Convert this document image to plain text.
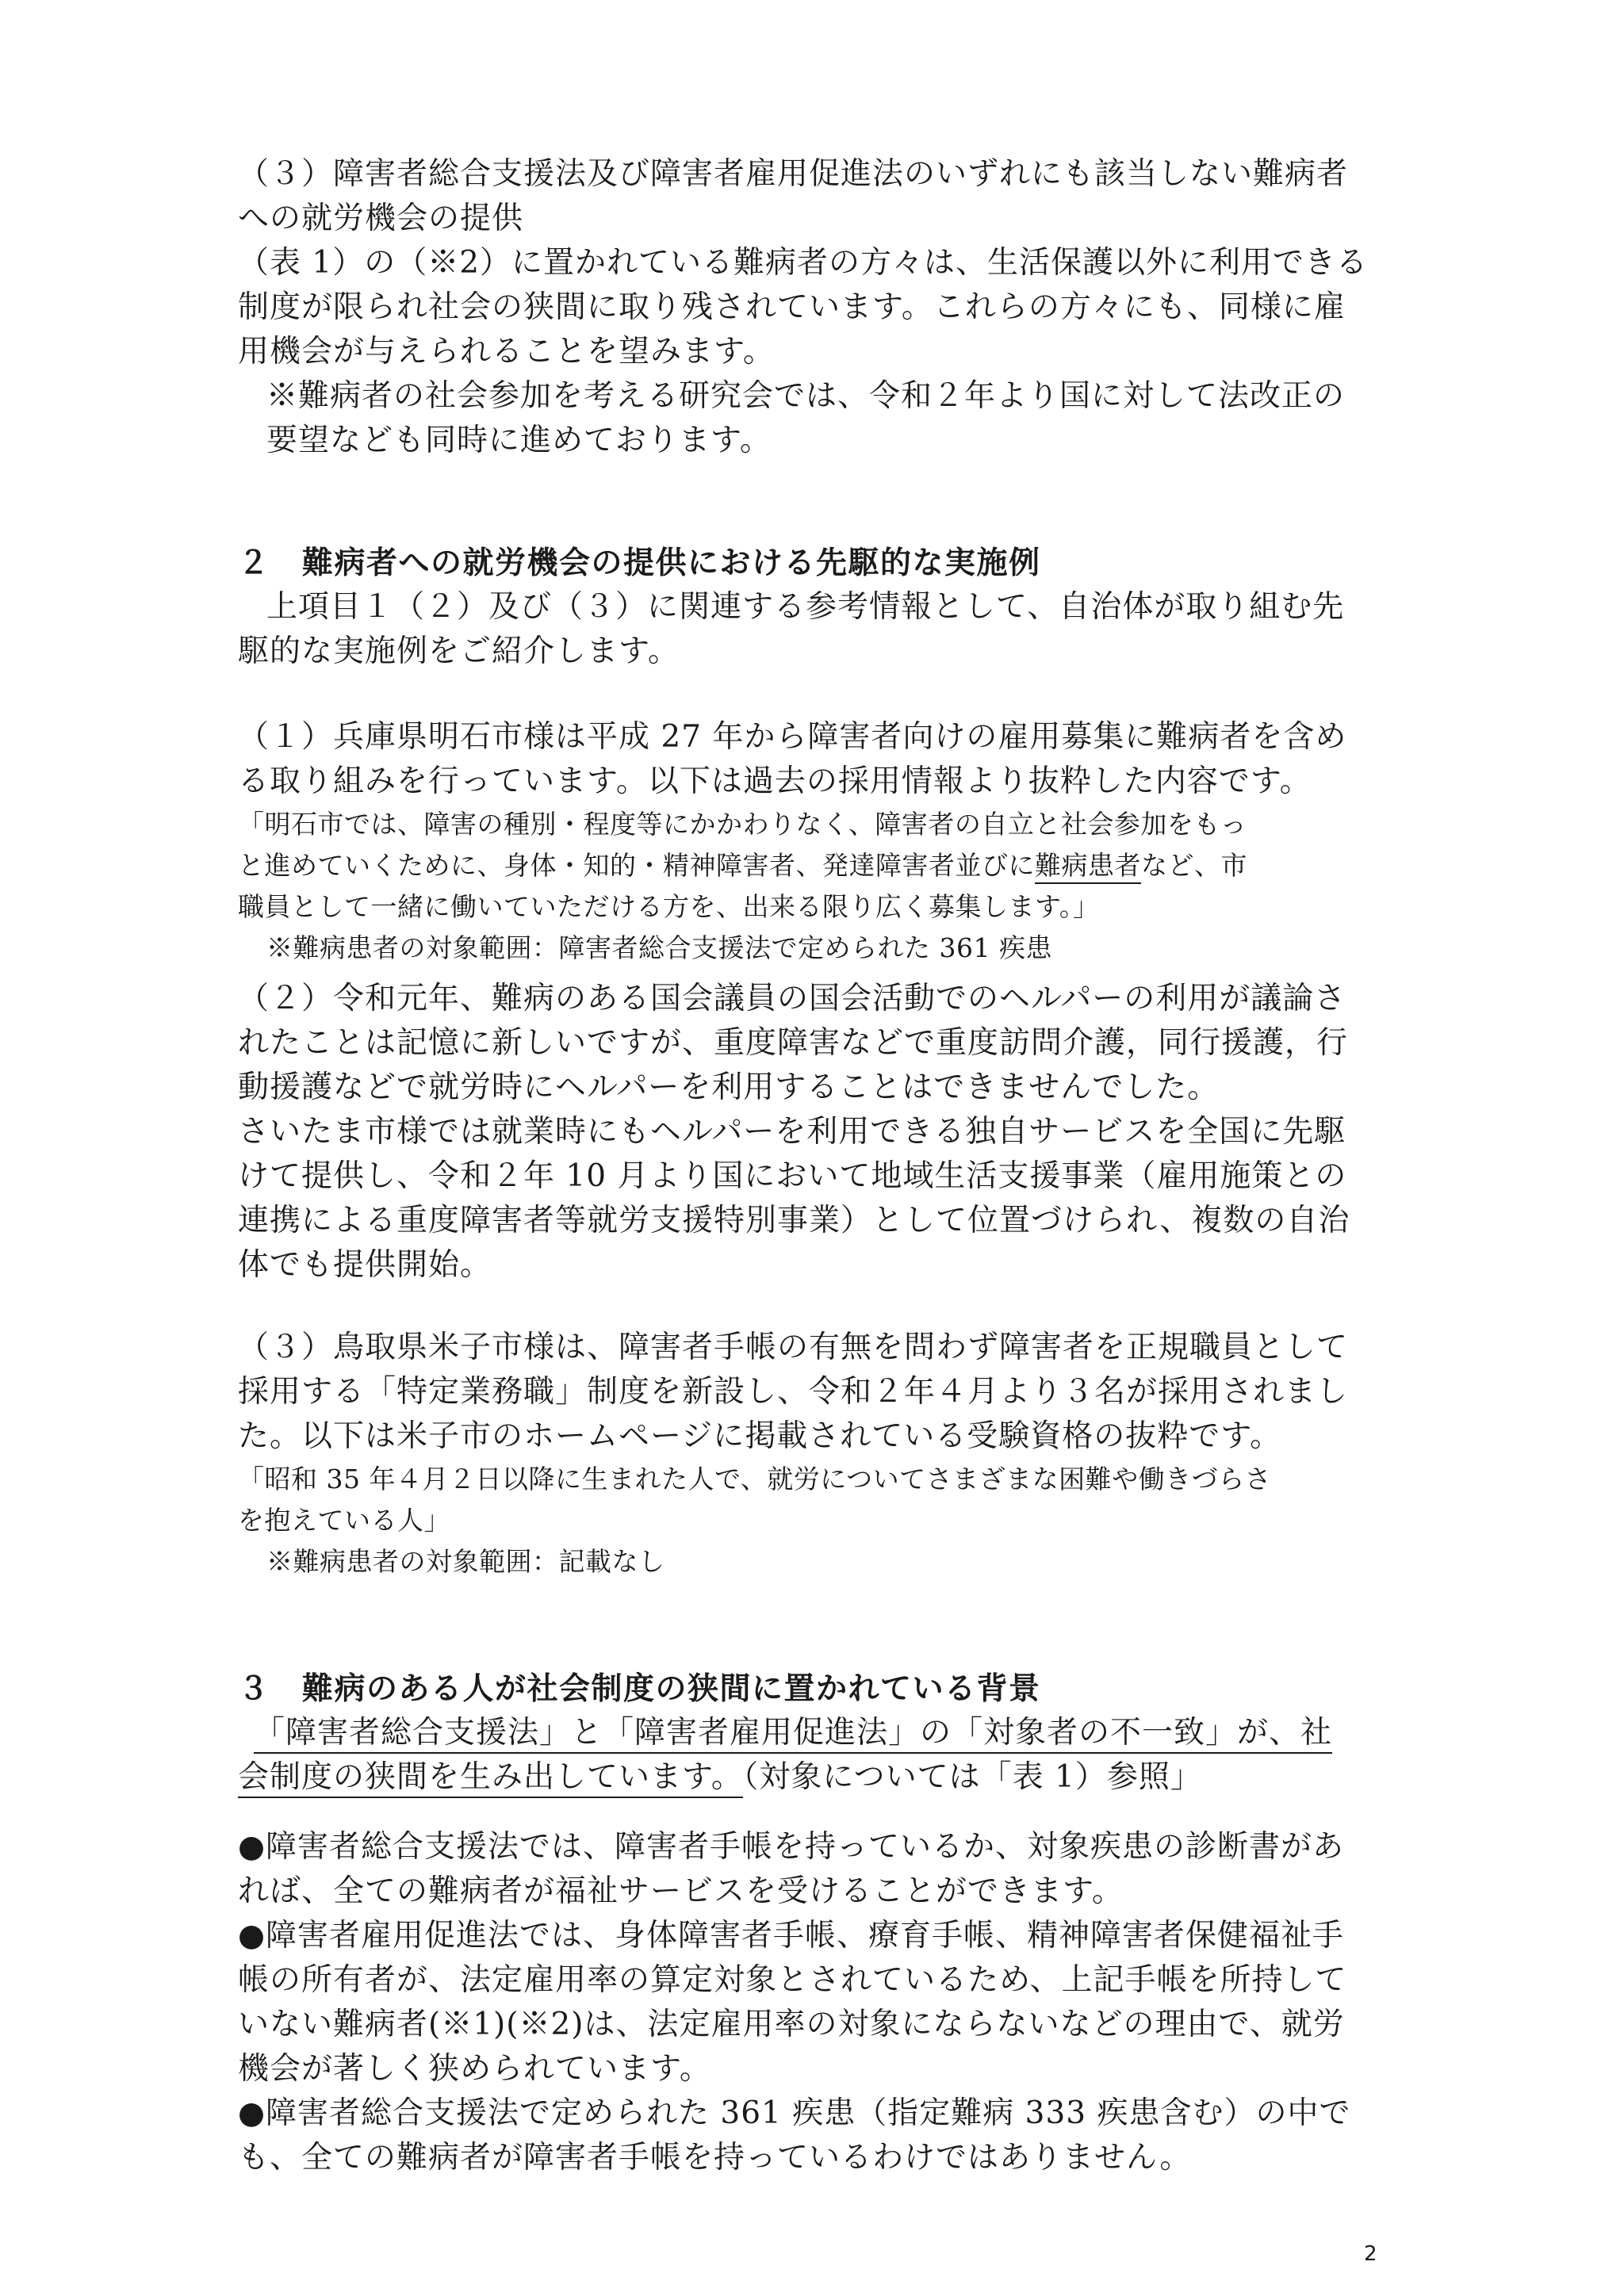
（３）障害者総合支援法及び障害者雇用促進法のいずれにも該当しない難病者
への就労機会の提供
（表 1）の（※2）に置かれている難病者の方々は、生活保護以外に利用できる
制度が限られ社会の狭間に取り残されています。これらの方々にも、同様に雇
用機会が与えられることを望みます。
※難病者の社会参加を考える研究会では、令和２年より国に対して法改正の
要望なども同時に進めております。
２　難病者への就労機会の提供における先駆的な実施例
上項目１（２）及び（３）に関連する参考情報として、自治体が取り組む先
駆的な実施例をご紹介します。
（１）兵庫県明石市様は平成 27 年から障害者向けの雇用募集に難病者を含め
る取り組みを行っています。以下は過去の採用情報より抜粋した内容です。
「明石市では、障害の種別・程度等にかかわりなく、障害者の自立と社会参加をもっ
と進めていくために、身体・知的・精神障害者、発達障害者並びに難病患者など、市
職員として一緒に働いていただける方を、出来る限り広く募集します。」
※難病患者の対象範囲：障害者総合支援法で定められた 361 疾患
（２）令和元年、難病のある国会議員の国会活動でのヘルパーの利用が議論さ
れたことは記憶に新しいですが、重度障害などで重度訪問介護，同行援護，行
動援護などで就労時にヘルパーを利用することはできませんでした。
さいたま市様では就業時にもヘルパーを利用できる独自サービスを全国に先駆
けて提供し、令和２年 10 月より国において地域生活支援事業（雇用施策との
連携による重度障害者等就労支援特別事業）として位置づけられ、複数の自治
体でも提供開始。
（３）鳥取県米子市様は、障害者手帳の有無を問わず障害者を正規職員として
採用する「特定業務職」制度を新設し、令和２年４月より３名が採用されまし
た。以下は米子市のホームページに掲載されている受験資格の抜粋です。
「昭和 35 年４月２日以降に生まれた人で、就労についてさまざまな困難や働きづらさ
を抱えている人」
※難病患者の対象範囲：記載なし
３　難病のある人が社会制度の狭間に置かれている背景
「障害者総合支援法」と「障害者雇用促進法」の「対象者の不一致」が、社
会制度の狭間を生み出しています。（対象については「表 1）参照」
●障害者総合支援法では、障害者手帳を持っているか、対象疾患の診断書があ
れば、全ての難病者が福祉サービスを受けることができます。
●障害者雇用促進法では、身体障害者手帳、療育手帳、精神障害者保健福祉手
帳の所有者が、法定雇用率の算定対象とされているため、上記手帳を所持して
いない難病者(※1)(※2)は、法定雇用率の対象にならないなどの理由で、就労
機会が著しく狭められています。
●障害者総合支援法で定められた 361 疾患（指定難病 333 疾患含む）の中で
も、全ての難病者が障害者手帳を持っているわけではありません。
2
